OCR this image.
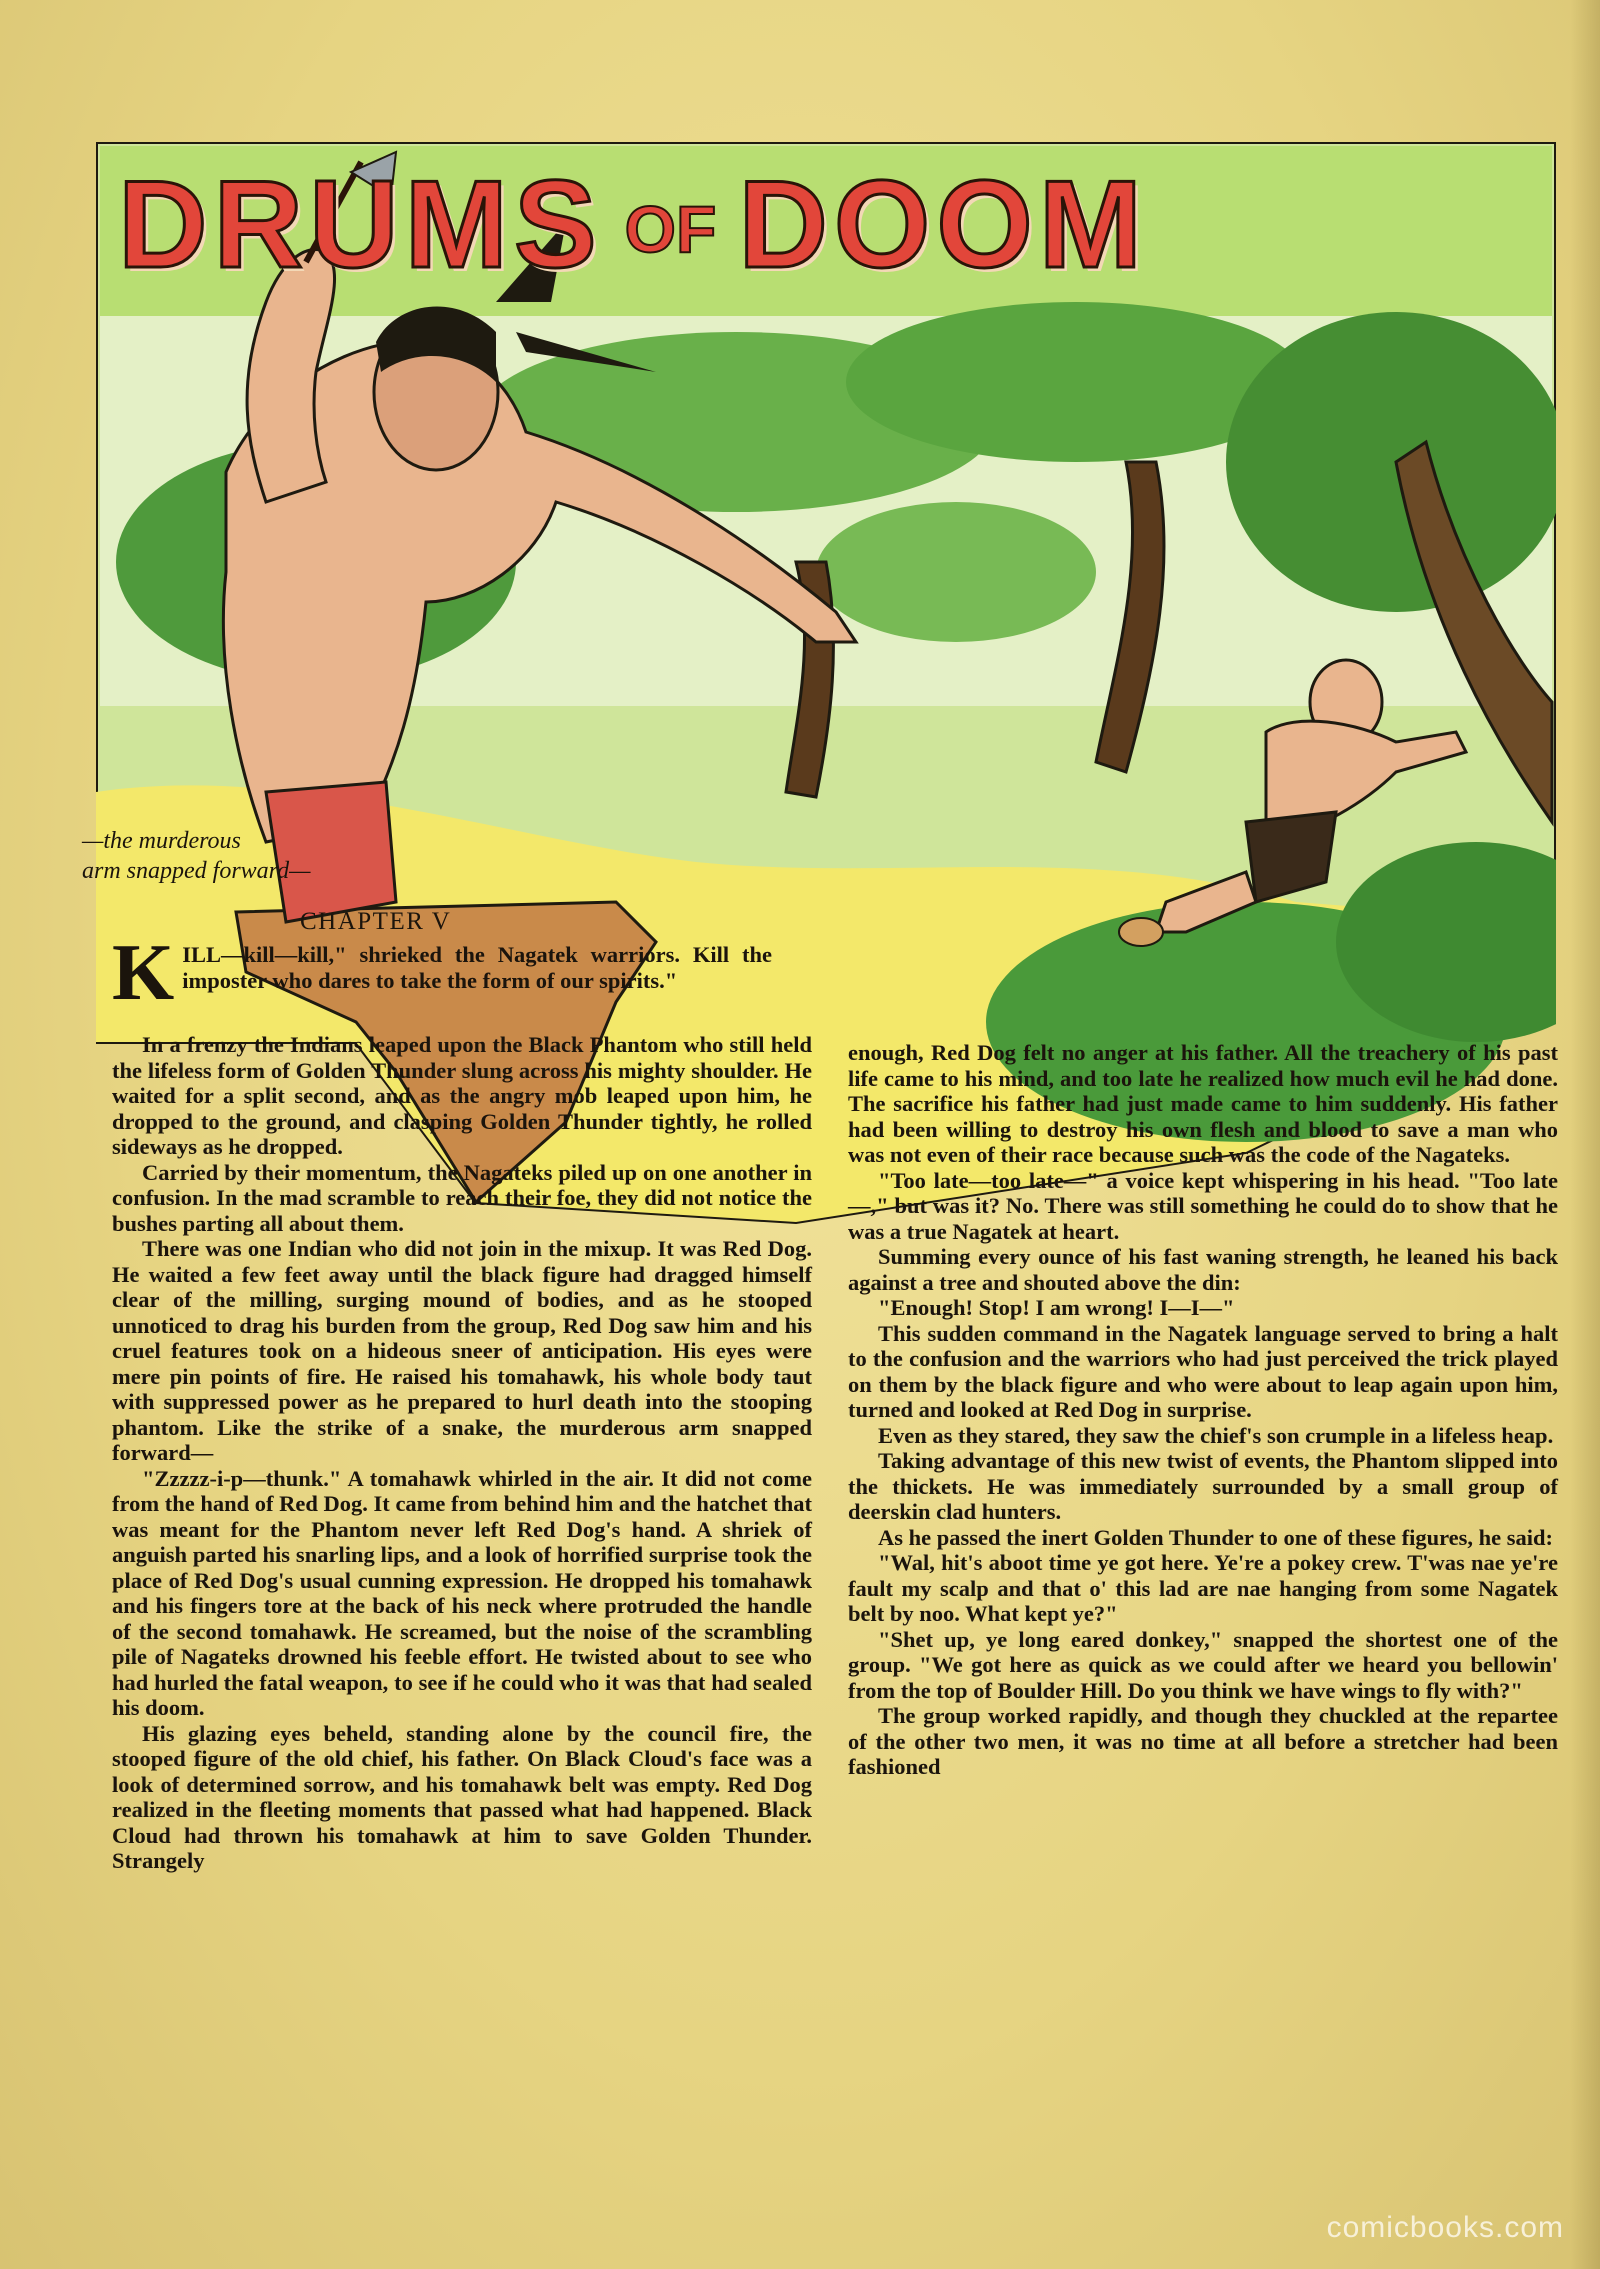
DRUMS OF DOOM
—the murderous
arm snapped forward—
CHAPTER V

KILL—kill—kill," shrieked the Nagatek warriors. Kill the imposter who dares to take the form of our spirits."

In a frenzy the Indians leaped upon the Black Phantom who still held the lifeless form of Golden Thunder slung across his mighty shoulder. He waited for a split second, and as the angry mob leaped upon him, he dropped to the ground, and clasping Golden Thunder tightly, he rolled sideways as he dropped.

Carried by their momentum, the Nagateks piled up on one another in confusion. In the mad scramble to reach their foe, they did not notice the bushes parting all about them.

There was one Indian who did not join in the mixup. It was Red Dog. He waited a few feet away until the black figure had dragged himself clear of the milling, surging mound of bodies, and as he stooped unnoticed to drag his burden from the group, Red Dog saw him and his cruel features took on a hideous sneer of anticipation. His eyes were mere pin points of fire. He raised his tomahawk, his whole body taut with suppressed power as he prepared to hurl death into the stooping phantom. Like the strike of a snake, the murderous arm snapped forward—

"Zzzzz-i-p—thunk." A tomahawk whirled in the air. It did not come from the hand of Red Dog. It came from behind him and the hatchet that was meant for the Phantom never left Red Dog's hand. A shriek of anguish parted his snarling lips, and a look of horrified surprise took the place of Red Dog's usual cunning expression. He dropped his tomahawk and his fingers tore at the back of his neck where protruded the handle of the second tomahawk. He screamed, but the noise of the scrambling pile of Nagateks drowned his feeble effort. He twisted about to see who had hurled the fatal weapon, to see if he could who it was that had sealed his doom.

His glazing eyes beheld, standing alone by the council fire, the stooped figure of the old chief, his father. On Black Cloud's face was a look of determined sorrow, and his tomahawk belt was empty. Red Dog realized in the fleeting moments that passed what had happened. Black Cloud had thrown his tomahawk at him to save Golden Thunder. Strangely

enough, Red Dog felt no anger at his father. All the treachery of his past life came to his mind, and too late he realized how much evil he had done. The sacrifice his father had just made came to him suddenly. His father had been willing to destroy his own flesh and blood to save a man who was not even of their race because such was the code of the Nagateks.

"Too late—too late—" a voice kept whispering in his head. "Too late—," but was it? No. There was still something he could do to show that he was a true Nagatek at heart.

Summing every ounce of his fast waning strength, he leaned his back against a tree and shouted above the din:

"Enough! Stop! I am wrong! I—I—"

This sudden command in the Nagatek language served to bring a halt to the confusion and the warriors who had just perceived the trick played on them by the black figure and who were about to leap again upon him, turned and looked at Red Dog in surprise.

Even as they stared, they saw the chief's son crumple in a lifeless heap.

Taking advantage of this new twist of events, the Phantom slipped into the thickets. He was immediately surrounded by a small group of deerskin clad hunters.

As he passed the inert Golden Thunder to one of these figures, he said:

"Wal, hit's aboot time ye got here. Ye're a pokey crew. T'was nae ye're fault my scalp and that o' this lad are nae hanging from some Nagatek belt by noo. What kept ye?"

"Shet up, ye long eared donkey," snapped the shortest one of the group. "We got here as quick as we could after we heard you bellowin' from the top of Boulder Hill. Do you think we have wings to fly with?"

The group worked rapidly, and though they chuckled at the repartee of the other two men, it was no time at all before a stretcher had been fashioned

comicbooks.com
